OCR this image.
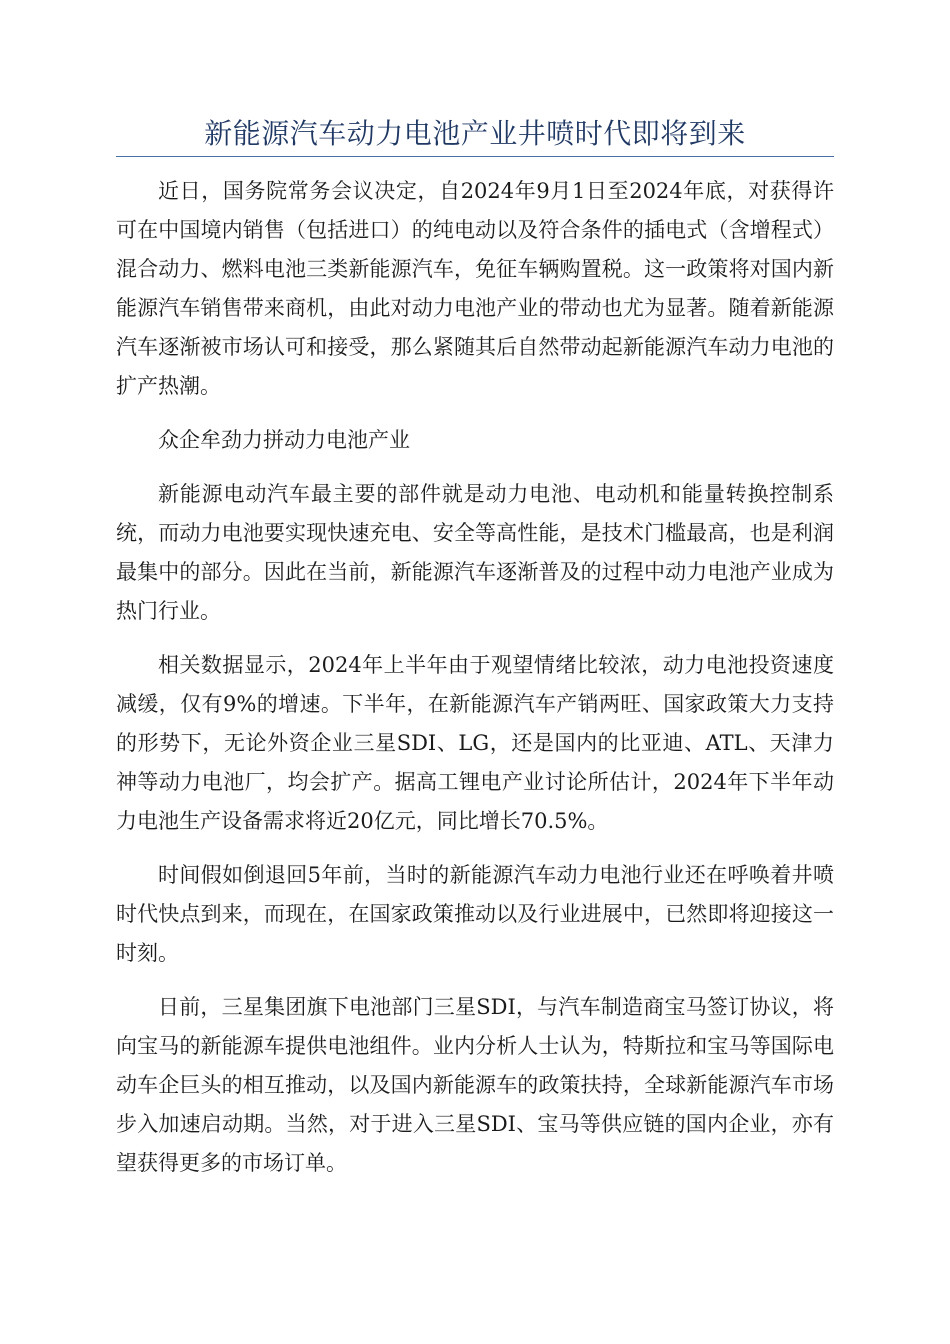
新能源汽车动力电池产业井喷时代即将到来

近日，国务院常务会议决定，自2024年9月1日至2024年底，对获得许可在中国境内销售（包括进口）的纯电动以及符合条件的插电式（含增程式）混合动力、燃料电池三类新能源汽车，免征车辆购置税。这一政策将对国内新能源汽车销售带来商机，由此对动力电池产业的带动也尤为显著。随着新能源汽车逐渐被市场认可和接受，那么紧随其后自然带动起新能源汽车动力电池的扩产热潮。

众企牟劲力拼动力电池产业

新能源电动汽车最主要的部件就是动力电池、电动机和能量转换控制系统，而动力电池要实现快速充电、安全等高性能，是技术门槛最高，也是利润最集中的部分。因此在当前，新能源汽车逐渐普及的过程中动力电池产业成为热门行业。

相关数据显示，2024年上半年由于观望情绪比较浓，动力电池投资速度减缓，仅有9%的增速。下半年，在新能源汽车产销两旺、国家政策大力支持的形势下，无论外资企业三星SDI、LG，还是国内的比亚迪、ATL、天津力神等动力电池厂，均会扩产。据高工锂电产业讨论所估计，2024年下半年动力电池生产设备需求将近20亿元，同比增长70.5%。

时间假如倒退回5年前，当时的新能源汽车动力电池行业还在呼唤着井喷时代快点到来，而现在，在国家政策推动以及行业进展中，已然即将迎接这一时刻。

日前，三星集团旗下电池部门三星SDI，与汽车制造商宝马签订协议，将向宝马的新能源车提供电池组件。业内分析人士认为，特斯拉和宝马等国际电动车企巨头的相互推动，以及国内新能源车的政策扶持，全球新能源汽车市场步入加速启动期。当然，对于进入三星SDI、宝马等供应链的国内企业，亦有望获得更多的市场订单。
